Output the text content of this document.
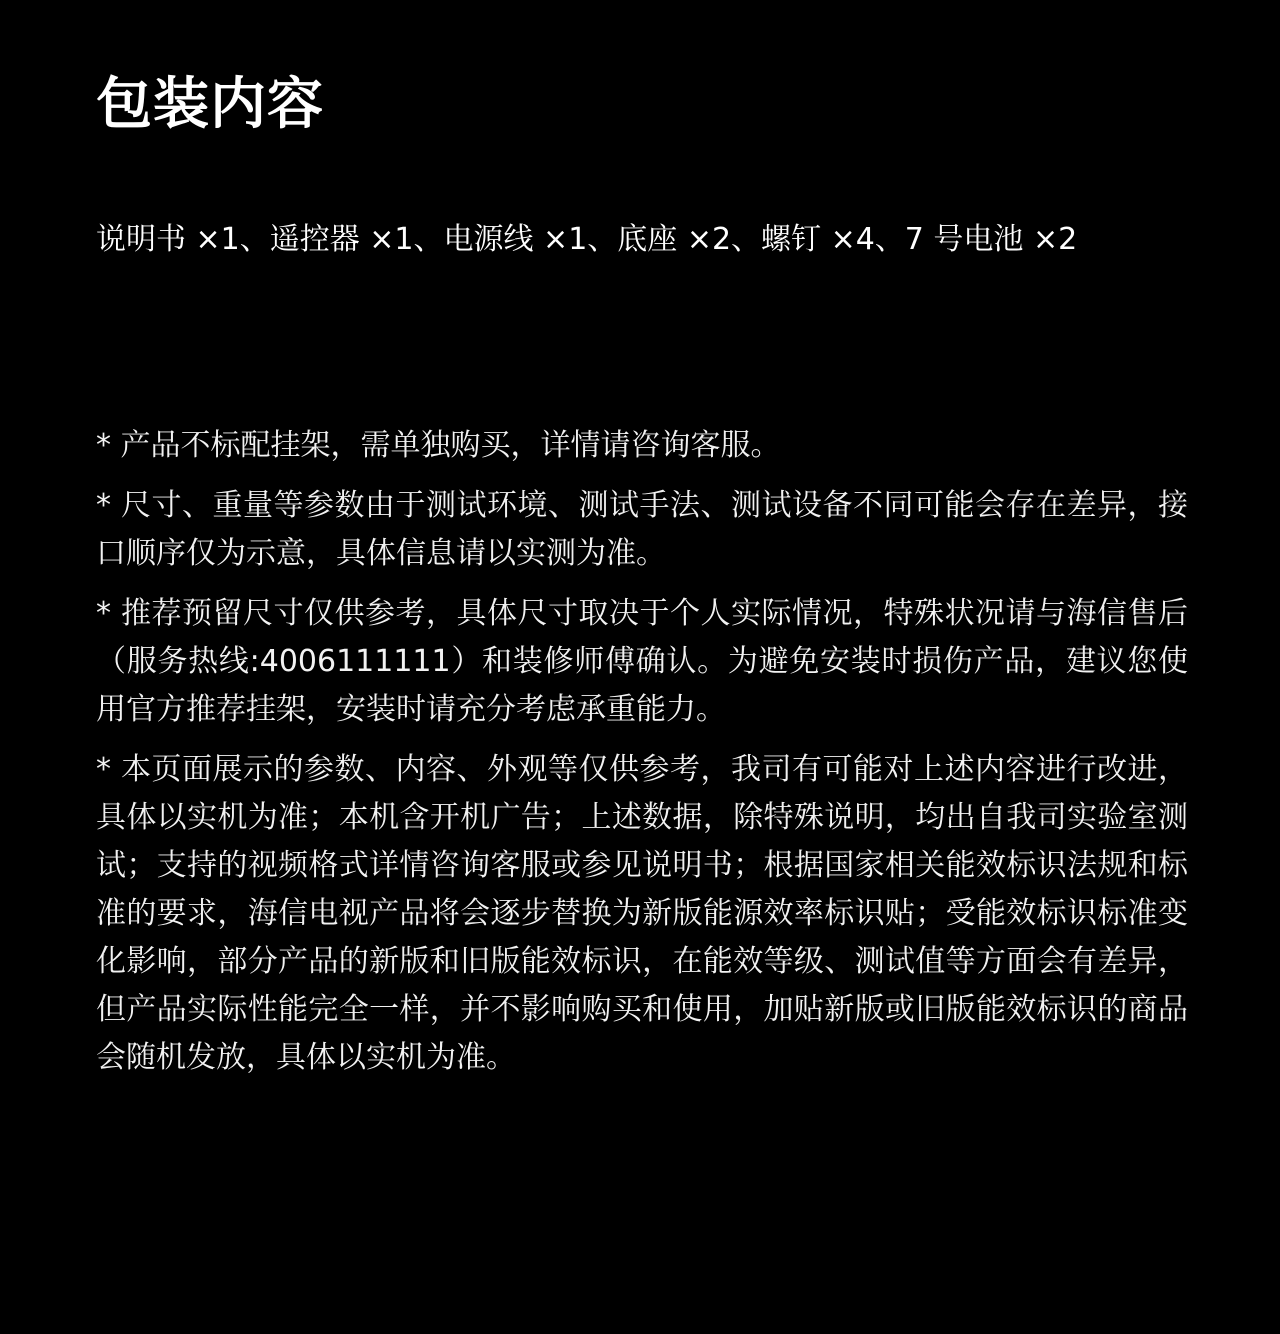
包装内容
说明书 ×1、遥控器 ×1、电源线 ×1、底座 ×2、螺钉 ×4、7 号电池 ×2

* 产品不标配挂架，需单独购买，详情请咨询客服。

* 尺寸、重量等参数由于测试环境、测试手法、测试设备不同可能会存在差异，接口顺序仅为示意，具体信息请以实测为准。

* 推荐预留尺寸仅供参考，具体尺寸取决于个人实际情况，特殊状况请与海信售后（服务热线:4006111111）和装修师傅确认。为避免安装时损伤产品，建议您使用官方推荐挂架，安装时请充分考虑承重能力。

* 本页面展示的参数、内容、外观等仅供参考，我司有可能对上述内容进行改进，具体以实机为准；本机含开机广告；上述数据，除特殊说明，均出自我司实验室测试；支持的视频格式详情咨询客服或参见说明书；根据国家相关能效标识法规和标准的要求，海信电视产品将会逐步替换为新版能源效率标识贴；受能效标识标准变化影响，部分产品的新版和旧版能效标识，在能效等级、测试值等方面会有差异，但产品实际性能完全一样，并不影响购买和使用，加贴新版或旧版能效标识的商品会随机发放，具体以实机为准。
